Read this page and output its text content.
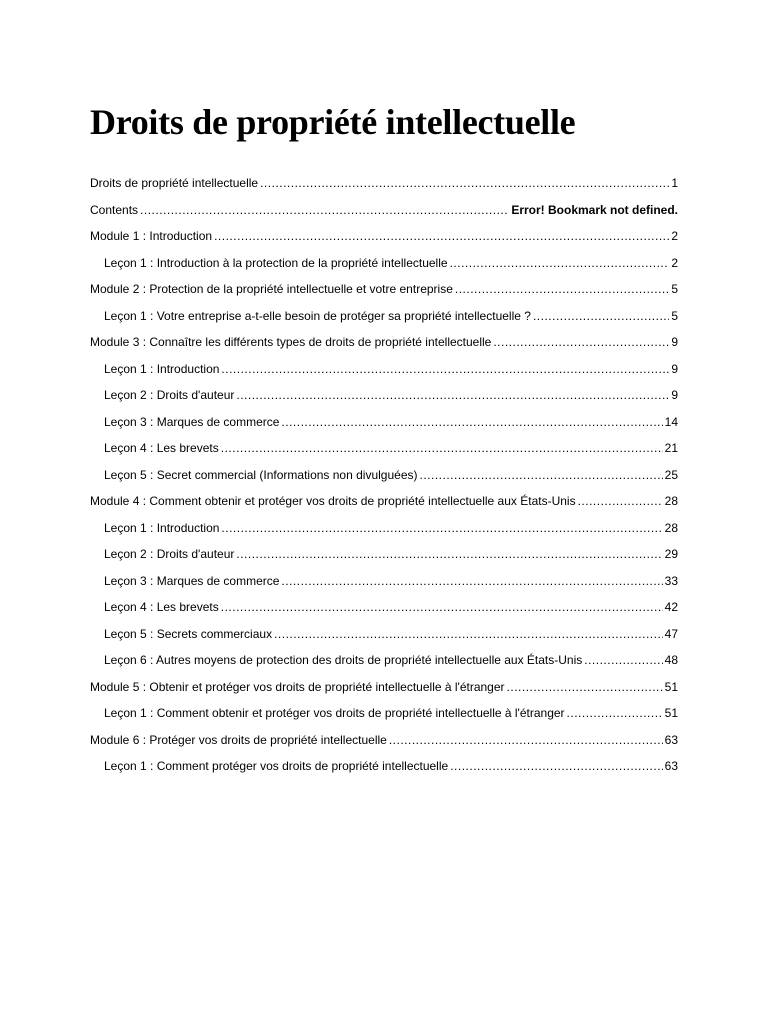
Droits de propriété intellectuelle
Droits de propriété intellectuelle .....	1
Contents .....	Error! Bookmark not defined.
Module 1 : Introduction .....	2
Leçon 1 : Introduction à la protection de la propriété intellectuelle .....	2
Module 2 : Protection de la propriété intellectuelle et votre entreprise .....	5
Leçon 1 : Votre entreprise a-t-elle besoin de protéger sa propriété intellectuelle ? .....	5
Module 3 : Connaître les différents types de droits de propriété intellectuelle .....	9
Leçon 1 : Introduction .....	9
Leçon 2 : Droits d'auteur .....	9
Leçon 3 : Marques de commerce .....	14
Leçon 4 : Les brevets .....	21
Leçon 5 : Secret commercial (Informations non divulguées) .....	25
Module 4 : Comment obtenir et protéger vos droits de propriété intellectuelle aux États-Unis .....	28
Leçon 1 : Introduction .....	28
Leçon 2 : Droits d'auteur .....	29
Leçon 3 : Marques de commerce .....	33
Leçon 4 : Les brevets .....	42
Leçon 5 : Secrets commerciaux .....	47
Leçon 6 : Autres moyens de protection des droits de propriété intellectuelle aux États-Unis .....	48
Module 5 : Obtenir et protéger vos droits de propriété intellectuelle à l'étranger .....	51
Leçon 1 : Comment obtenir et protéger vos droits de propriété intellectuelle à l'étranger .....	51
Module 6 : Protéger vos droits de propriété intellectuelle .....	63
Leçon 1 : Comment protéger vos droits de propriété intellectuelle .....	63
